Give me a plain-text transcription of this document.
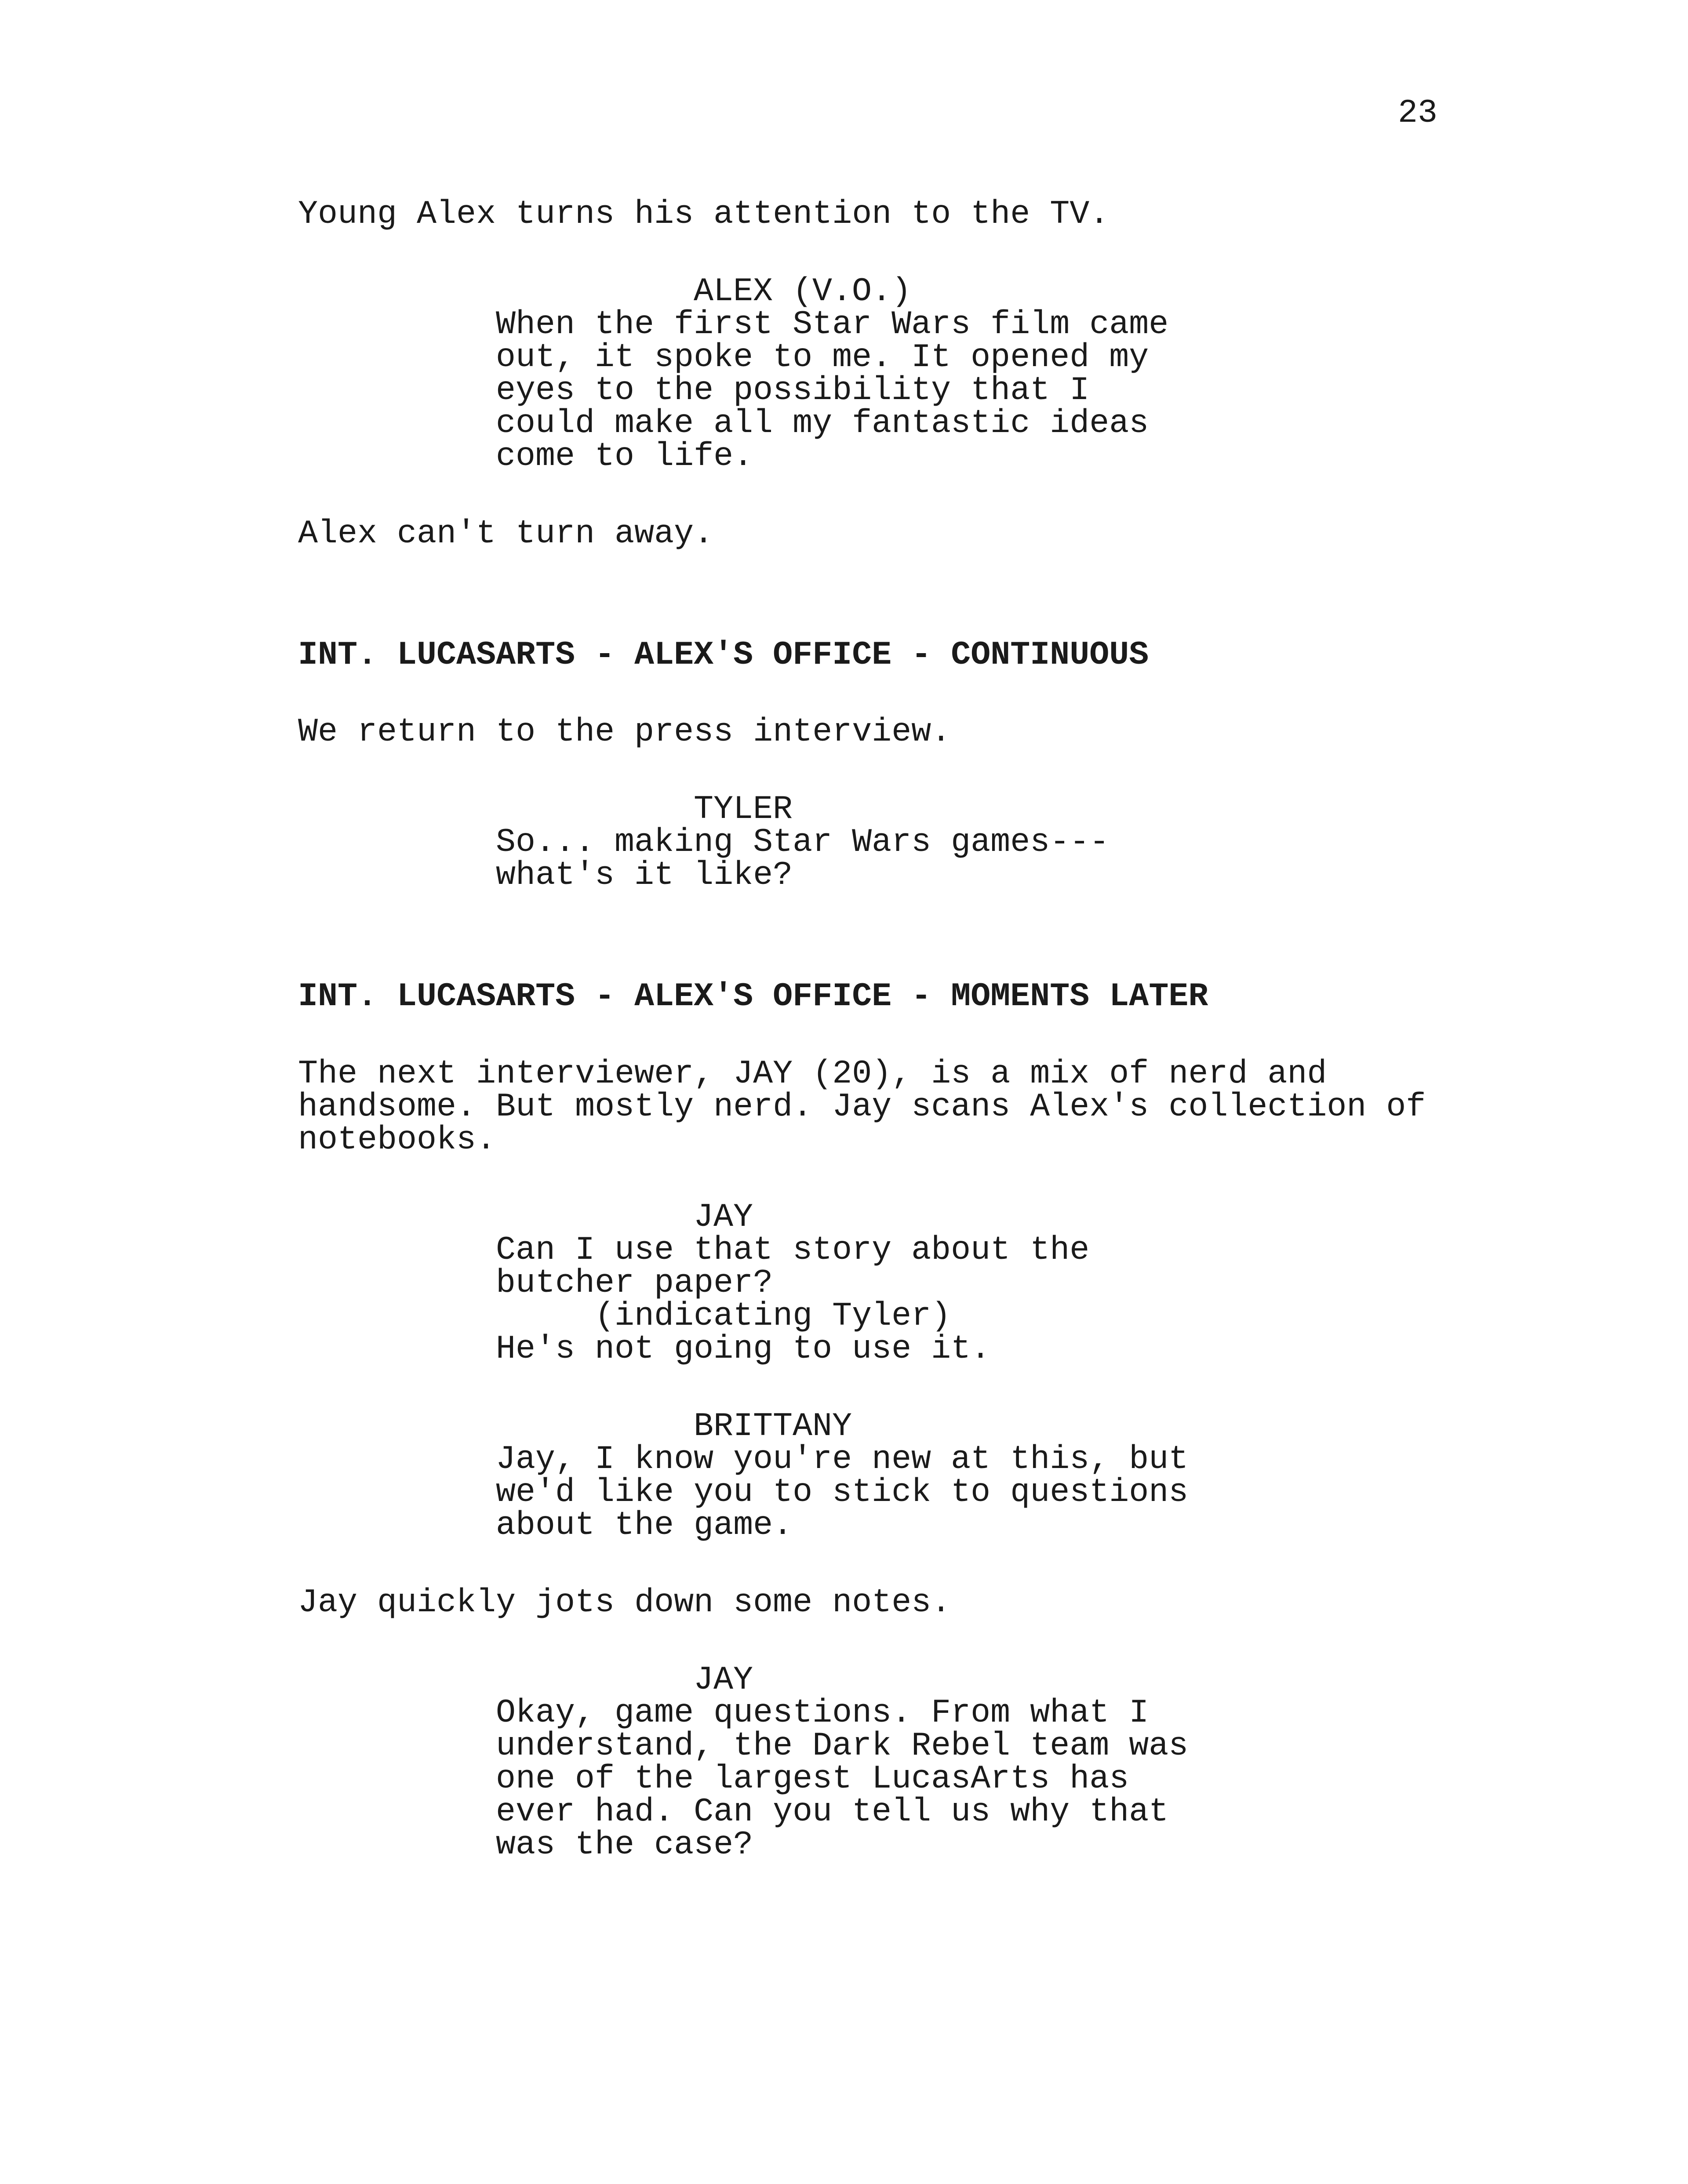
23
Young Alex turns his attention to the TV.
ALEX (V.O.)
When the first Star Wars film came
out, it spoke to me. It opened my
eyes to the possibility that I
could make all my fantastic ideas
come to life.
Alex can't turn away.
INT. LUCASARTS - ALEX'S OFFICE - CONTINUOUS
We return to the press interview.
TYLER
So... making Star Wars games---
what's it like?
INT. LUCASARTS - ALEX'S OFFICE - MOMENTS LATER
The next interviewer, JAY (20), is a mix of nerd and
handsome. But mostly nerd. Jay scans Alex's collection of
notebooks.
JAY
Can I use that story about the
butcher paper?
(indicating Tyler)
He's not going to use it.
BRITTANY
Jay, I know you're new at this, but
we'd like you to stick to questions
about the game.
Jay quickly jots down some notes.
JAY
Okay, game questions. From what I
understand, the Dark Rebel team was
one of the largest LucasArts has
ever had. Can you tell us why that
was the case?
